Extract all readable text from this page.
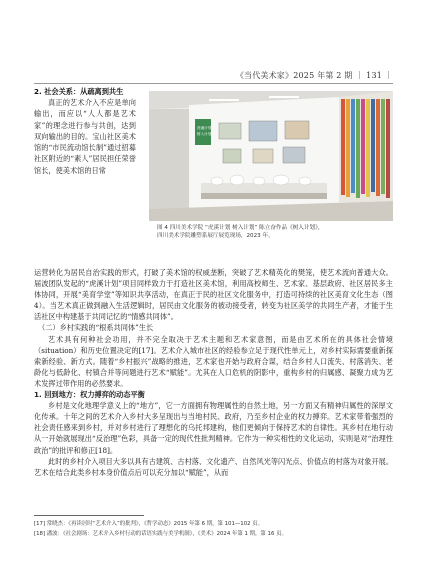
《当代美术家》2025 年第 2 期 ｜ 131 ｜
2. 社会关系：从疏离到共生

真正的艺术介入不应是单向输出，而应以“人人都是艺术家”的理念进行参与共创，达到双向输出的目的。宝山社区美术馆的“市民流动馆长制”通过招募社区附近的“素人”居民担任荣誉馆长，使美术馆的日常

虎溪计划
树入计划
图 4 四川美术学院 “虎溪计划 树入计划” 陈立奋作品《树入计划》，
四川美术学院雕塑系展厅展览现场，2023 年。

运营转化为居民自治实践的形式，打破了美术馆的权威垄断，突破了艺术精英化的樊笼，使艺术流向普通大众。届波团队发起的“虎溪计划”项目同样致力于打造社区美术馆，利用高校师生、艺术家、基层政府、社区居民多主体协同，开展“美育学堂”等知识共享活动，在真正于民的社区文化服务中，打造可持续的社区美育文化生态（图4）。当艺术真正做到融入生活逻辑时，居民由文化服务的被动接受者，转变为社区美学的共同生产者，才能于生活社区中构建基于共同记忆的“情感共同体”。

（二）乡村实践的“根系共同体”生长

艺术具有何种社会功用，并不完全取决于艺术主题和艺术家意图，而是由艺术所在的具体社会情境（situation）和历史位置决定的[17]。艺术介入城市社区的经验参立足于现代性单元上，对乡村实际需要重新探索新经验、新方式。随着“乡村振兴”战略的推进，艺术家也开始与政府合谋，结合乡村人口流失、村落消失、老龄化与低龄化、村镇合并等问题进行艺术“赋能”。尤其在人口危机的阴影中，重构乡村的归属感、凝聚力成为艺术发挥过带作用的必然要求。

1. 回到地方：权力搏弈的动态平衡

乡村是文化地理学意义上的“地方”，它一方面拥有物理属性的自然土地，另一方面又有精神归属性的深厚文化传承。十年之间的艺术介入乡村大多呈现出与当地村民、政府，乃至乡村企业的权力搏弈。艺术家带着强烈的社会责任感来到乡村，并对乡村进行了理想化的乌托邦建构，他们更倾向于保持艺术的自律性。其乡村在地行动从一开始就展现出“反治理”色彩，具备一定的现代性批判精神。它作为一种实相性的文化运动，实则是对“治理性政治”的批评和修正[18]。

此时的乡村介入项目大多以具有古建筑、古村落、文化遗产、自然风光等闪光点、价值点的村落为对象开展。艺术在结合此类乡村本身价值点后可以充分加以“赋能”，从而

[17] 常晓杰：《再读居时“艺术介入”的批判》，《哲学动态》2015 年第 6 期，第 101—102 页。
[18] 潘波：《社会剧场：艺术介入乡村行动的话语实践与美学机制》，《美术》2024 年第 1 期，第 16 页。
